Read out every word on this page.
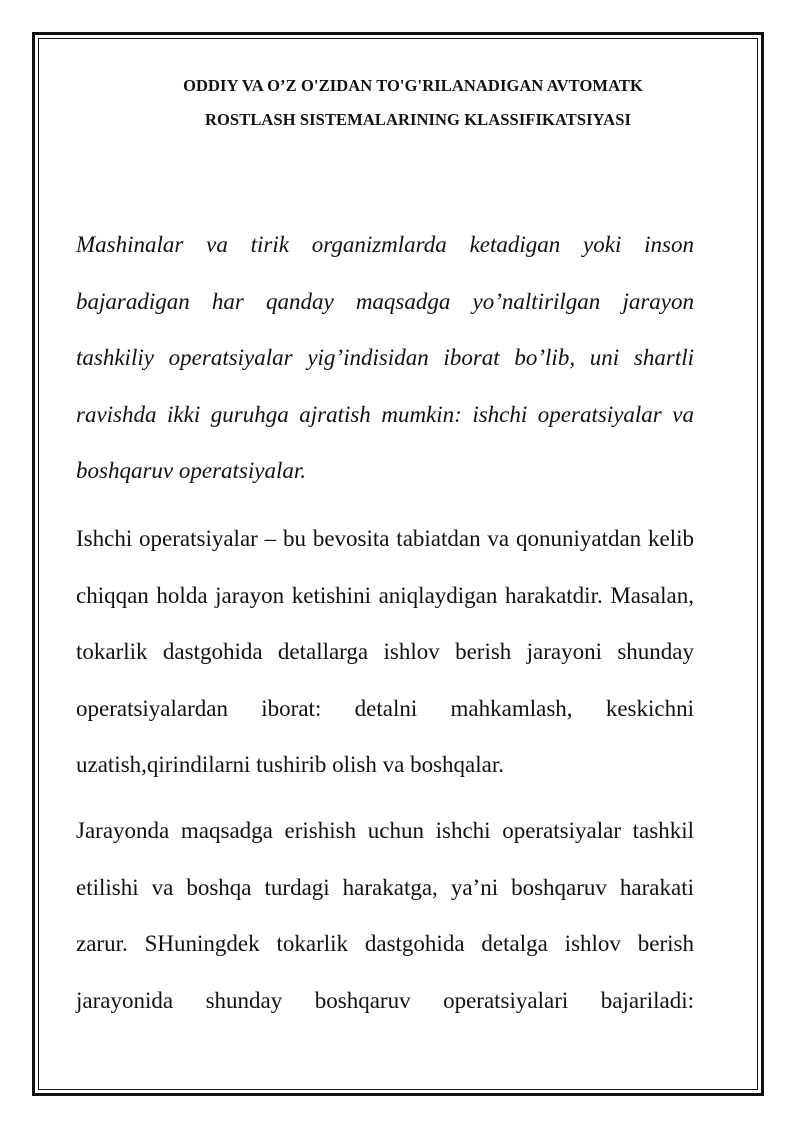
ODDIY VA O’Z O'ZIDAN TO'G'RILANADIGAN AVTOMATK
ROSTLASH SISTEMALARINING KLASSIFIKATSIYASI

Mashinalar va tirik organizmlarda ketadigan yoki inson bajaradigan har qanday maqsadga yo’naltirilgan jarayon tashkiliy operatsiyalar yig’indisidan iborat bo’lib, uni shartli ravishda ikki guruhga ajratish mumkin: ishchi operatsiyalar va boshqaruv operatsiyalar.

Ishchi operatsiyalar – bu bevosita tabiatdan va qonuniyatdan kelib chiqqan holda jarayon ketishini aniqlaydigan harakatdir. Masalan, tokarlik dastgohida detallarga ishlov berish jarayoni shunday operatsiyalardan iborat: detalni mahkamlash, keskichni uzatish,qirindilarni tushirib olish va boshqalar.

Jarayonda maqsadga erishish uchun ishchi operatsiyalar tashkil etilishi va boshqa turdagi harakatga, ya’ni boshqaruv harakati zarur. SHuningdek tokarlik dastgohida detalga ishlov berish jarayonida shunday boshqaruv operatsiyalari bajariladi:
